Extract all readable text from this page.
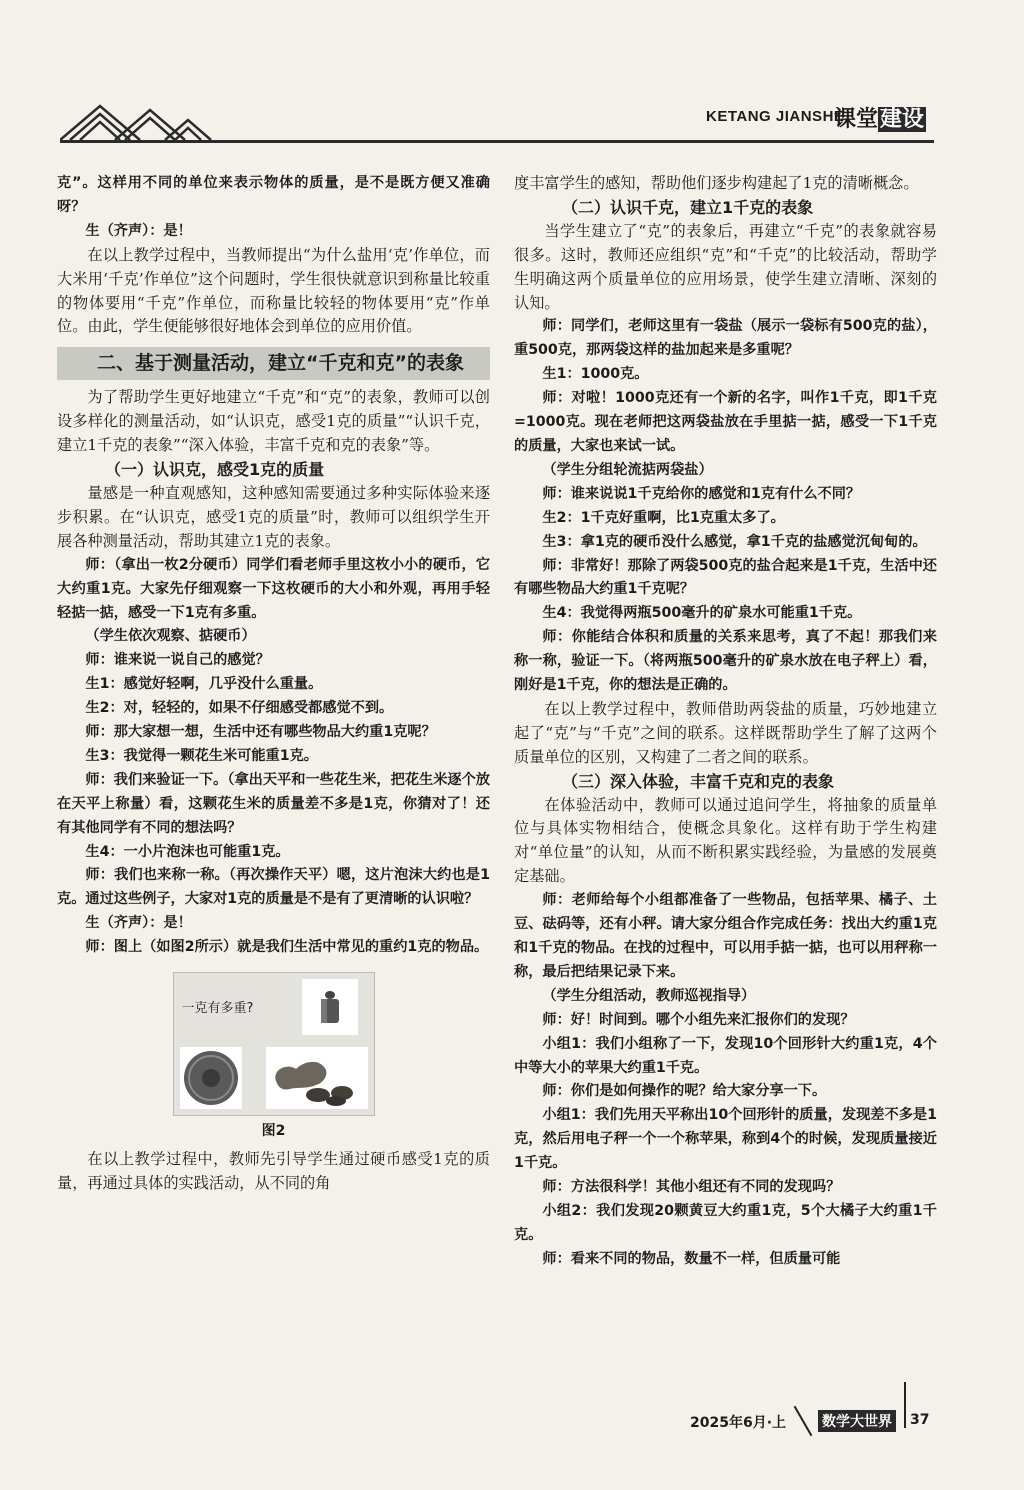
KETANG JIANSHE
课堂建设

克”。这样用不同的单位来表示物体的质量，是不是既方便又准确呀？

生（齐声）：是！

在以上教学过程中，当教师提出“为什么盐用‘克’作单位，而大米用‘千克’作单位”这个问题时，学生很快就意识到称量比较重的物体要用“千克”作单位，而称量比较轻的物体要用“克”作单位。由此，学生便能够很好地体会到单位的应用价值。

二、基于测量活动，建立“千克和克”的表象

为了帮助学生更好地建立“千克”和“克”的表象，教师可以创设多样化的测量活动，如“认识克，感受1克的质量”“认识千克，建立1千克的表象”“深入体验，丰富千克和克的表象”等。

（一）认识克，感受1克的质量

量感是一种直观感知，这种感知需要通过多种实际体验来逐步积累。在“认识克，感受1克的质量”时，教师可以组织学生开展各种测量活动，帮助其建立1克的表象。

师：（拿出一枚2分硬币）同学们看老师手里这枚小小的硬币，它大约重1克。大家先仔细观察一下这枚硬币的大小和外观，再用手轻轻掂一掂，感受一下1克有多重。

（学生依次观察、掂硬币）

师：谁来说一说自己的感觉？

生1：感觉好轻啊，几乎没什么重量。

生2：对，轻轻的，如果不仔细感受都感觉不到。

师：那大家想一想，生活中还有哪些物品大约重1克呢？

生3：我觉得一颗花生米可能重1克。

师：我们来验证一下。（拿出天平和一些花生米，把花生米逐个放在天平上称量）看，这颗花生米的质量差不多是1克，你猜对了！还有其他同学有不同的想法吗？

生4：一小片泡沫也可能重1克。

师：我们也来称一称。（再次操作天平）嗯，这片泡沫大约也是1克。通过这些例子，大家对1克的质量是不是有了更清晰的认识啦？

生（齐声）：是！

师：图上（如图2所示）就是我们生活中常见的重约1克的物品。

一克有多重?
图2

在以上教学过程中，教师先引导学生通过硬币感受1克的质量，再通过具体的实践活动，从不同的角

度丰富学生的感知，帮助他们逐步构建起了1克的清晰概念。

（二）认识千克，建立1千克的表象

当学生建立了“克”的表象后，再建立“千克”的表象就容易很多。这时，教师还应组织“克”和“千克”的比较活动，帮助学生明确这两个质量单位的应用场景，使学生建立清晰、深刻的认知。

师：同学们，老师这里有一袋盐（展示一袋标有500克的盐），重500克，那两袋这样的盐加起来是多重呢？

生1：1000克。

师：对啦！1000克还有一个新的名字，叫作1千克，即1千克=1000克。现在老师把这两袋盐放在手里掂一掂，感受一下1千克的质量，大家也来试一试。

（学生分组轮流掂两袋盐）

师：谁来说说1千克给你的感觉和1克有什么不同？

生2：1千克好重啊，比1克重太多了。

生3：拿1克的硬币没什么感觉，拿1千克的盐感觉沉甸甸的。

师：非常好！那除了两袋500克的盐合起来是1千克，生活中还有哪些物品大约重1千克呢？

生4：我觉得两瓶500毫升的矿泉水可能重1千克。

师：你能结合体积和质量的关系来思考，真了不起！那我们来称一称，验证一下。（将两瓶500毫升的矿泉水放在电子秤上）看，刚好是1千克，你的想法是正确的。

在以上教学过程中，教师借助两袋盐的质量，巧妙地建立起了“克”与“千克”之间的联系。这样既帮助学生了解了这两个质量单位的区别，又构建了二者之间的联系。

（三）深入体验，丰富千克和克的表象

在体验活动中，教师可以通过追问学生，将抽象的质量单位与具体实物相结合，使概念具象化。这样有助于学生构建对“单位量”的认知，从而不断积累实践经验，为量感的发展奠定基础。

师：老师给每个小组都准备了一些物品，包括苹果、橘子、土豆、砝码等，还有小秤。请大家分组合作完成任务：找出大约重1克和1千克的物品。在找的过程中，可以用手掂一掂，也可以用秤称一称，最后把结果记录下来。

（学生分组活动，教师巡视指导）

师：好！时间到。哪个小组先来汇报你们的发现？

小组1：我们小组称了一下，发现10个回形针大约重1克，4个中等大小的苹果大约重1千克。

师：你们是如何操作的呢？给大家分享一下。

小组1：我们先用天平称出10个回形针的质量，发现差不多是1克，然后用电子秤一个一个称苹果，称到4个的时候，发现质量接近1千克。

师：方法很科学！其他小组还有不同的发现吗？

小组2：我们发现20颗黄豆大约重1克，5个大橘子大约重1千克。

师：看来不同的物品，数量不一样，但质量可能

2025年6月·上	数学大世界 37
